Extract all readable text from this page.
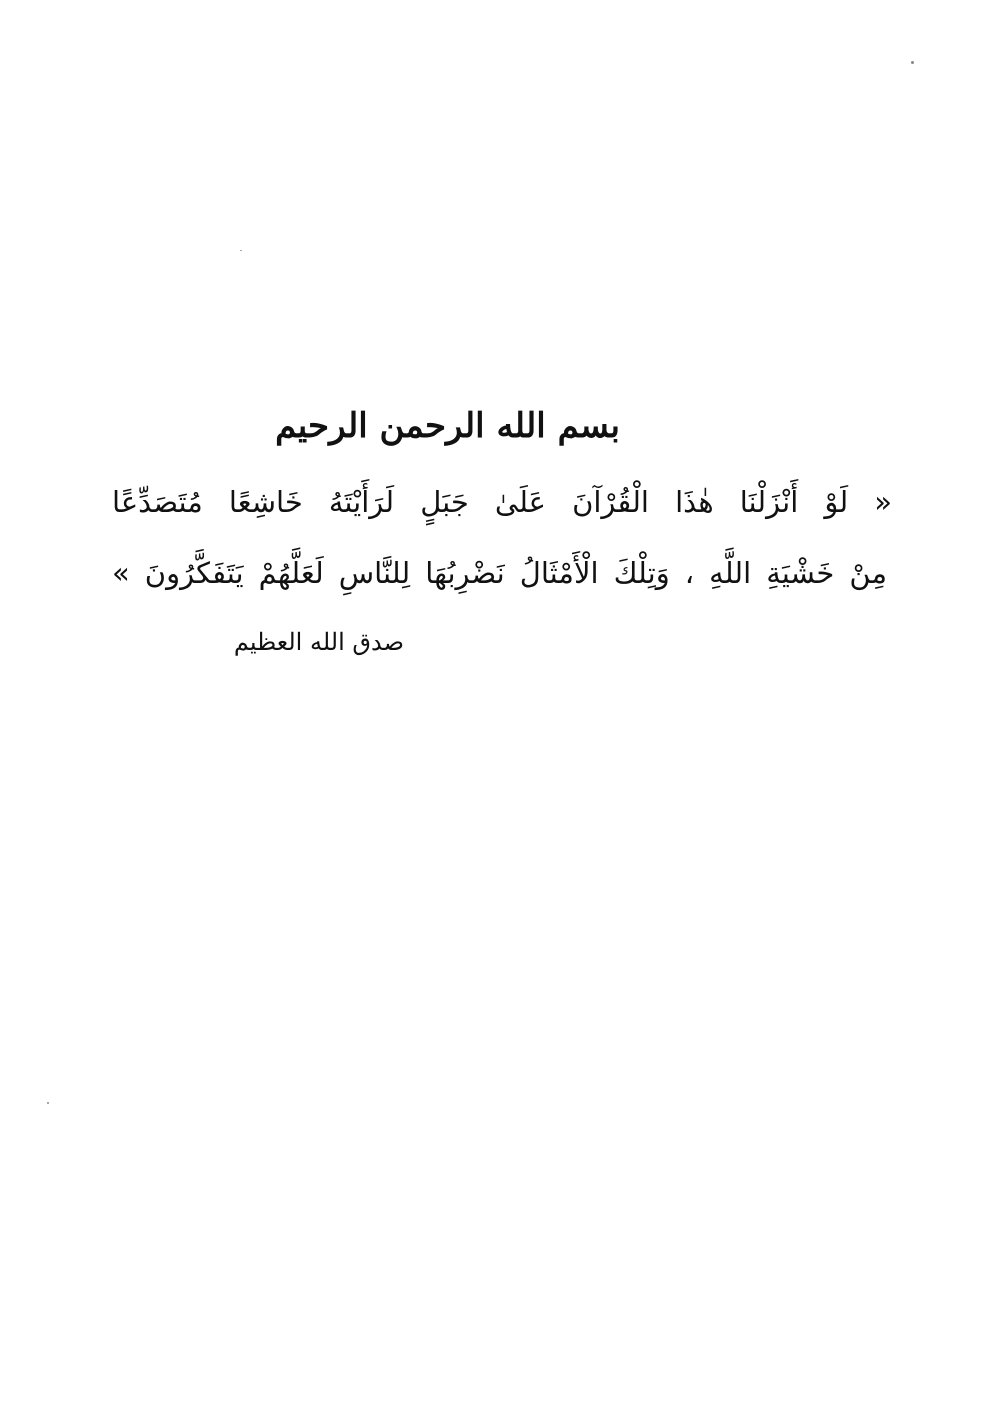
بسم الله الرحمن الرحيم
« لَوْ أَنْزَلْنَا هٰذَا الْقُرْآنَ عَلَىٰ جَبَلٍ لَرَأَيْتَهُ خَاشِعًا مُتَصَدِّعًا
مِنْ خَشْيَةِ اللَّهِ ، وَتِلْكَ الْأَمْثَالُ نَضْرِبُهَا لِلنَّاسِ لَعَلَّهُمْ يَتَفَكَّرُونَ »
صدق الله العظيم
